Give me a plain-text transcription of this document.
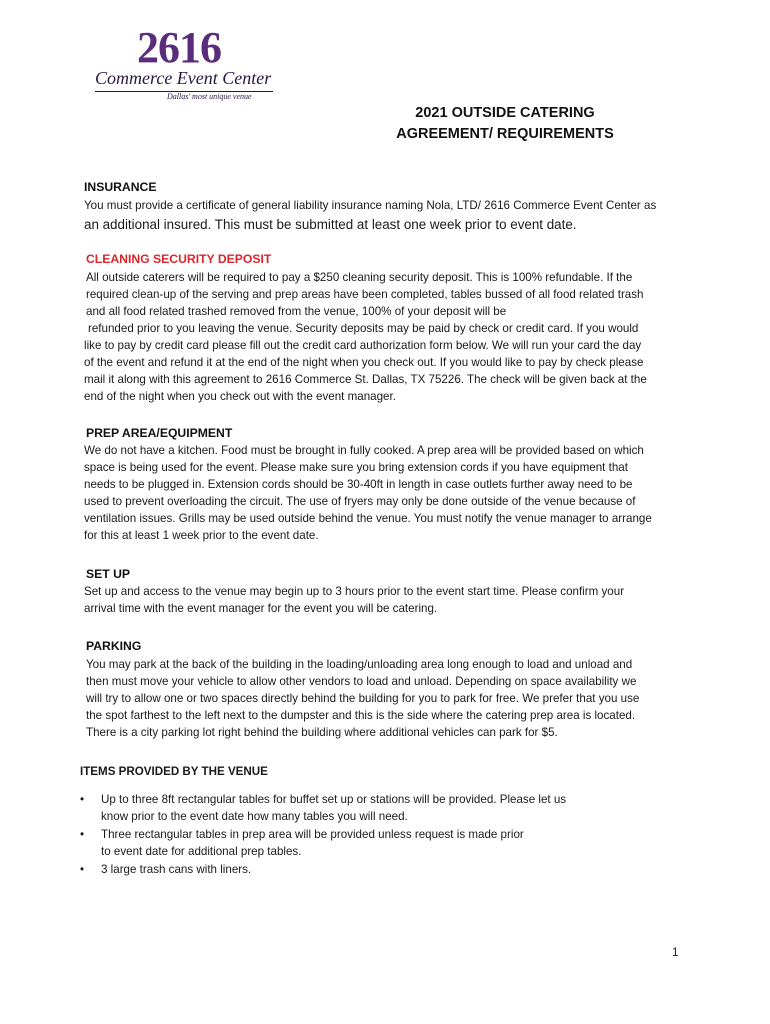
2616
Commerce Event Center
Dallas' most unique venue
2021 OUTSIDE CATERING
AGREEMENT/ REQUIREMENTS
INSURANCE
You must provide a certificate of general liability insurance naming Nola, LTD/ 2616 Commerce Event Center as
an additional insured. This must be submitted at least one week prior to event date.
CLEANING SECURITY DEPOSIT
All outside caterers will be required to pay a $250 cleaning security deposit. This is 100% refundable. If the
required clean-up of the serving and prep areas have been completed, tables bussed of all food related trash
and all food related trashed removed from the venue, 100% of your deposit will be
refunded prior to you leaving the venue. Security deposits may be paid by check or credit card. If you would
like to pay by credit card please fill out the credit card authorization form below. We will run your card the day
of the event and refund it at the end of the night when you check out. If you would like to pay by check please
mail it along with this agreement to 2616 Commerce St. Dallas, TX 75226. The check will be given back at the
end of the night when you check out with the event manager.
PREP AREA/EQUIPMENT
We do not have a kitchen. Food must be brought in fully cooked. A prep area will be provided based on which
space is being used for the event. Please make sure you bring extension cords if you have equipment that
needs to be plugged in. Extension cords should be 30-40ft in length in case outlets further away need to be
used to prevent overloading the circuit. The use of fryers may only be done outside of the venue because of
ventilation issues. Grills may be used outside behind the venue. You must notify the venue manager to arrange
for this at least 1 week prior to the event date.
SET UP
Set up and access to the venue may begin up to 3 hours prior to the event start time. Please confirm your
arrival time with the event manager for the event you will be catering.
PARKING
You may park at the back of the building in the loading/unloading area long enough to load and unload and
then must move your vehicle to allow other vendors to load and unload. Depending on space availability we
will try to allow one or two spaces directly behind the building for you to park for free. We prefer that you use
the spot farthest to the left next to the dumpster and this is the side where the catering prep area is located.
There is a city parking lot right behind the building where additional vehicles can park for $5.
ITEMS PROVIDED BY THE VENUE
• Up to three 8ft rectangular tables for buffet set up or stations will be provided. Please let us
know prior to the event date how many tables you will need.
• Three rectangular tables in prep area will be provided unless request is made prior
to event date for additional prep tables.
• 3 large trash cans with liners.
1
